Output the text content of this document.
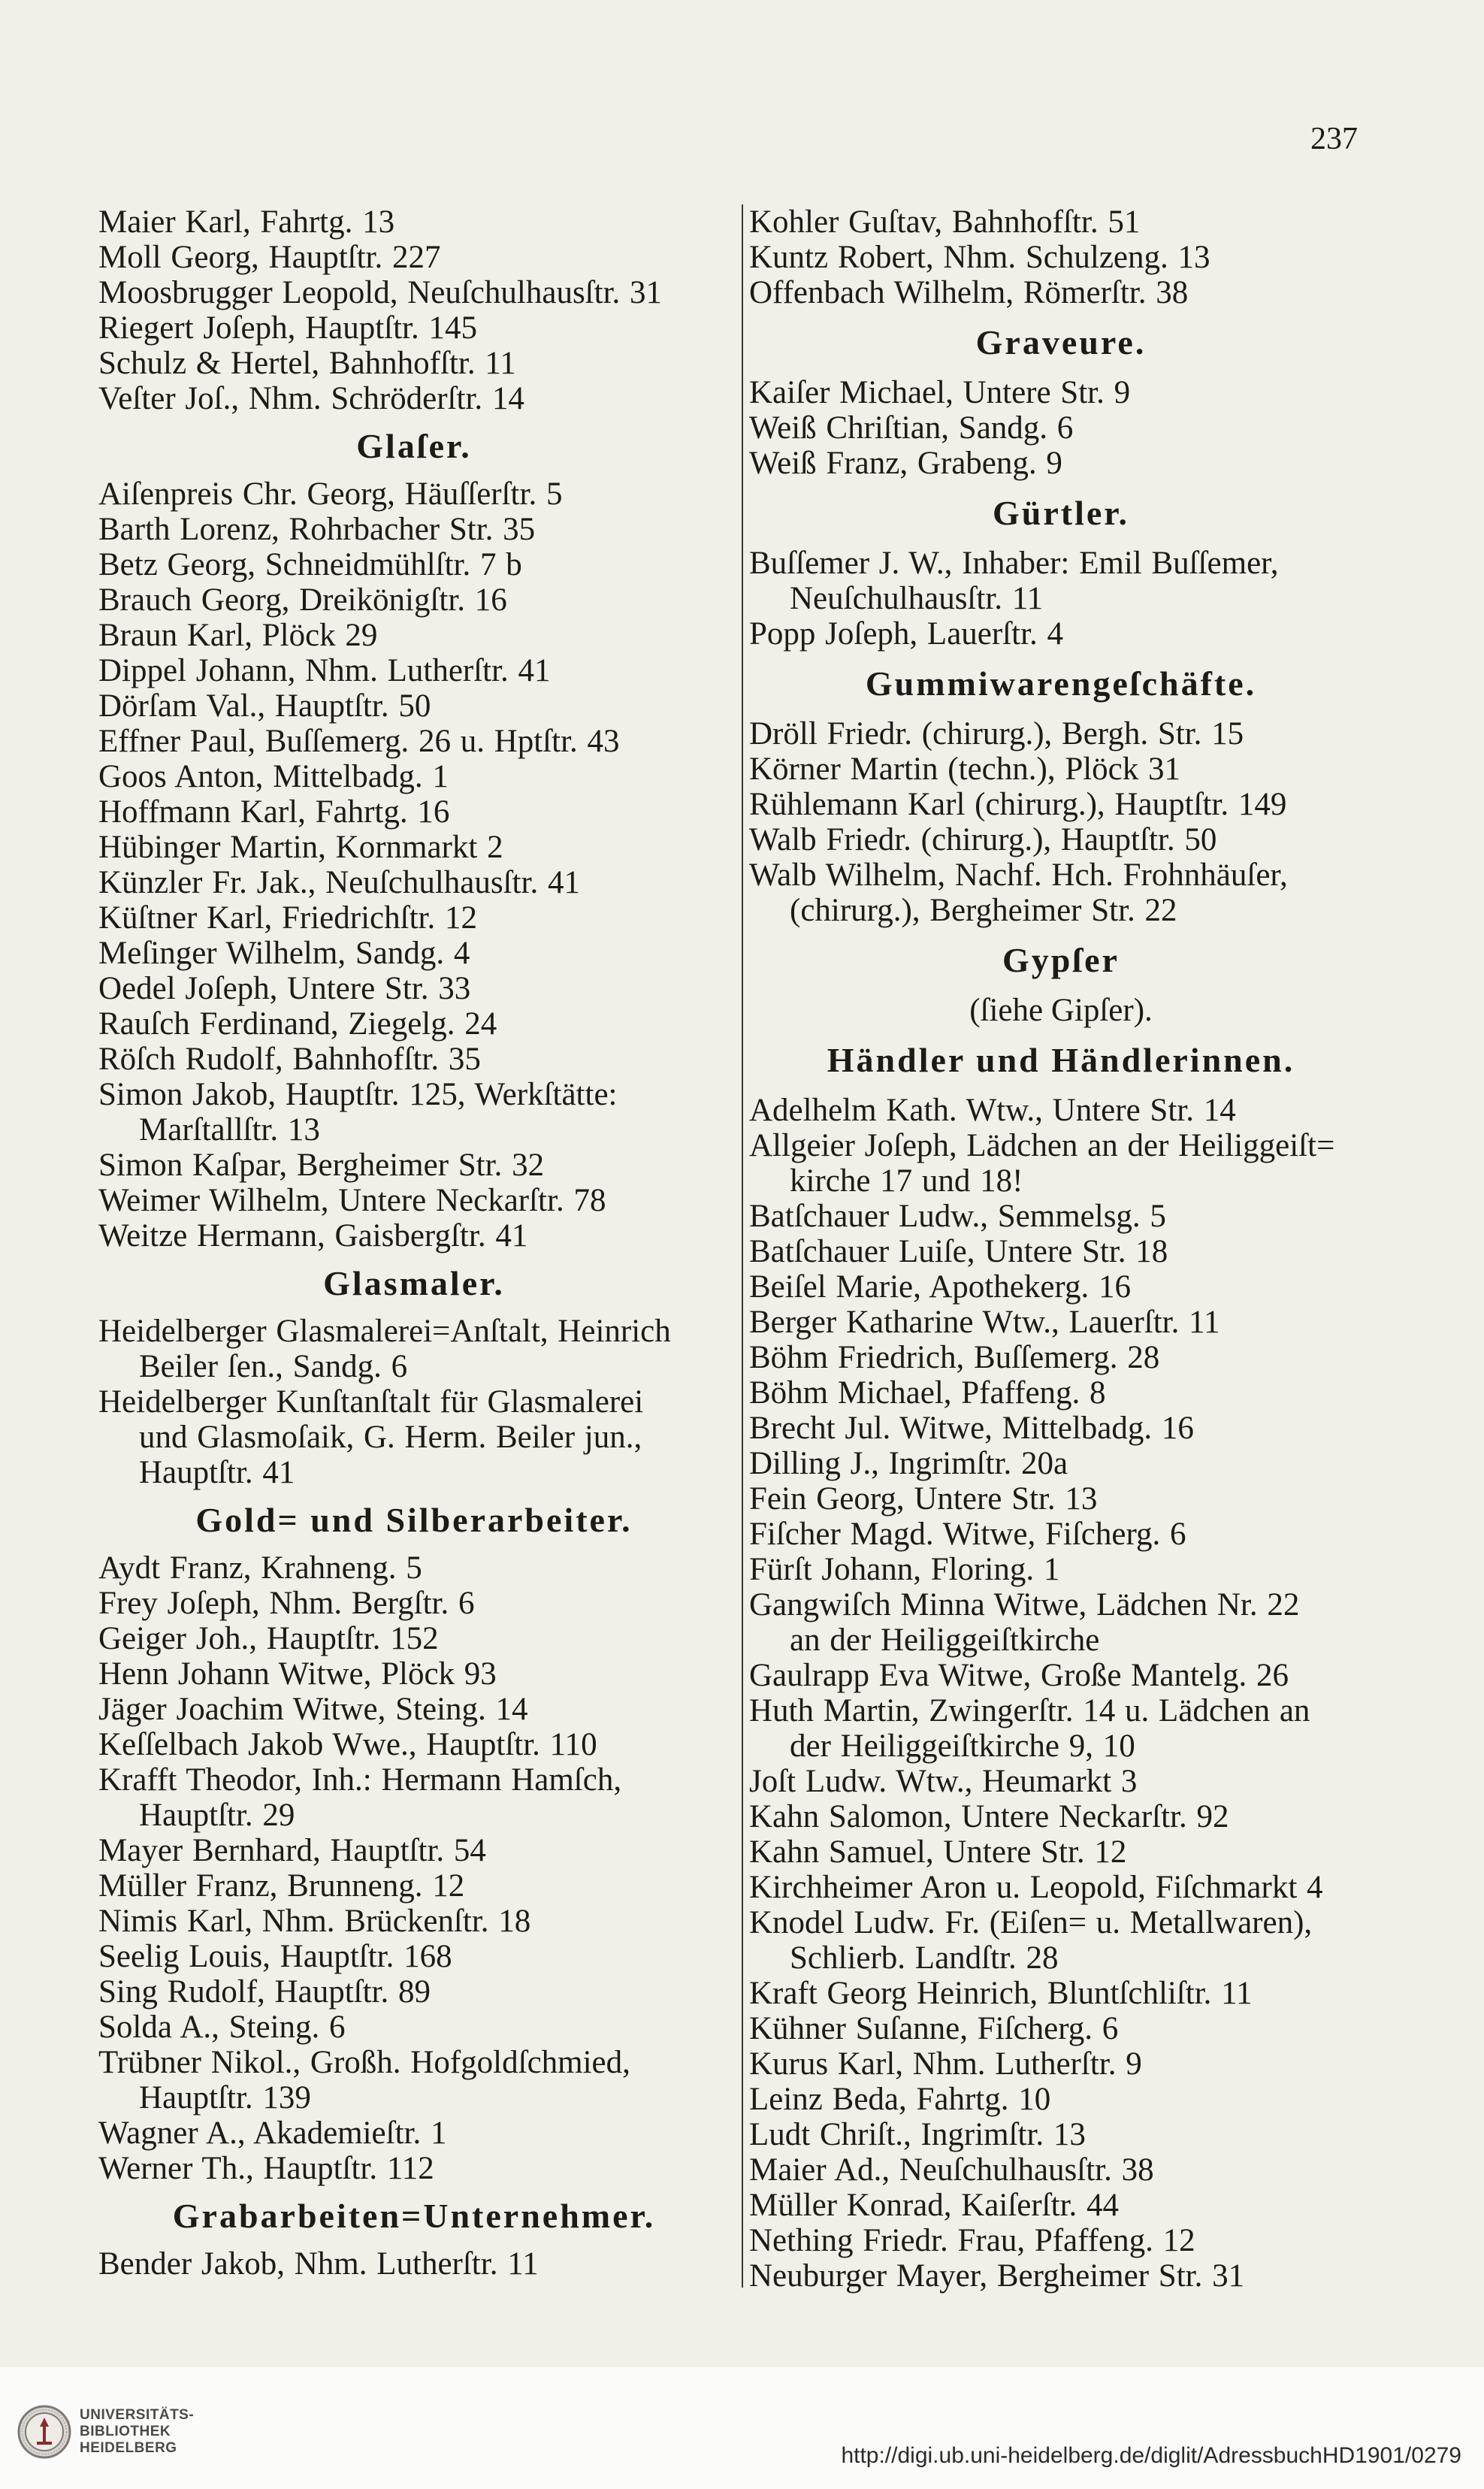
237
Maier Karl, Fahrtg. 13
Moll Georg, Hauptſtr. 227
Moosbrugger Leopold, Neuſchulhausſtr. 31
Riegert Joſeph, Hauptſtr. 145
Schulz & Hertel, Bahnhofſtr. 11
Veſter Joſ., Nhm. Schröderſtr. 14
Glaſer.
Aiſenpreis Chr. Georg, Häuſſerſtr. 5
Barth Lorenz, Rohrbacher Str. 35
Betz Georg, Schneidmühlſtr. 7 b
Brauch Georg, Dreikönigſtr. 16
Braun Karl, Plöck 29
Dippel Johann, Nhm. Lutherſtr. 41
Dörſam Val., Hauptſtr. 50
Effner Paul, Buſſemerg. 26 u. Hptſtr. 43
Goos Anton, Mittelbadg. 1
Hoffmann Karl, Fahrtg. 16
Hübinger Martin, Kornmarkt 2
Künzler Fr. Jak., Neuſchulhausſtr. 41
Küſtner Karl, Friedrichſtr. 12
Meſinger Wilhelm, Sandg. 4
Oedel Joſeph, Untere Str. 33
Rauſch Ferdinand, Ziegelg. 24
Röſch Rudolf, Bahnhofſtr. 35
Simon Jakob, Hauptſtr. 125, Werkſtätte:
Marſtallſtr. 13
Simon Kaſpar, Bergheimer Str. 32
Weimer Wilhelm, Untere Neckarſtr. 78
Weitze Hermann, Gaisbergſtr. 41
Glasmaler.
Heidelberger Glasmalerei=Anſtalt, Heinrich
Beiler ſen., Sandg. 6
Heidelberger Kunſtanſtalt für Glasmalerei
und Glasmoſaik, G. Herm. Beiler jun.,
Hauptſtr. 41
Gold= und Silberarbeiter.
Aydt Franz, Krahneng. 5
Frey Joſeph, Nhm. Bergſtr. 6
Geiger Joh., Hauptſtr. 152
Henn Johann Witwe, Plöck 93
Jäger Joachim Witwe, Steing. 14
Keſſelbach Jakob Wwe., Hauptſtr. 110
Krafft Theodor, Inh.: Hermann Hamſch,
Hauptſtr. 29
Mayer Bernhard, Hauptſtr. 54
Müller Franz, Brunneng. 12
Nimis Karl, Nhm. Brückenſtr. 18
Seelig Louis, Hauptſtr. 168
Sing Rudolf, Hauptſtr. 89
Solda A., Steing. 6
Trübner Nikol., Großh. Hofgoldſchmied,
Hauptſtr. 139
Wagner A., Akademieſtr. 1
Werner Th., Hauptſtr. 112
Grabarbeiten=Unternehmer.
Bender Jakob, Nhm. Lutherſtr. 11
Kohler Guſtav, Bahnhofſtr. 51
Kuntz Robert, Nhm. Schulzeng. 13
Offenbach Wilhelm, Römerſtr. 38
Graveure.
Kaiſer Michael, Untere Str. 9
Weiß Chriſtian, Sandg. 6
Weiß Franz, Grabeng. 9
Gürtler.
Buſſemer J. W., Inhaber: Emil Buſſemer,
Neuſchulhausſtr. 11
Popp Joſeph, Lauerſtr. 4
Gummiwarengeſchäfte.
Dröll Friedr. (chirurg.), Bergh. Str. 15
Körner Martin (techn.), Plöck 31
Rühlemann Karl (chirurg.), Hauptſtr. 149
Walb Friedr. (chirurg.), Hauptſtr. 50
Walb Wilhelm, Nachf. Hch. Frohnhäuſer,
(chirurg.), Bergheimer Str. 22
Gypſer
(ſiehe Gipſer).
Händler und Händlerinnen.
Adelhelm Kath. Wtw., Untere Str. 14
Allgeier Joſeph, Lädchen an der Heiliggeiſt=
kirche 17 und 18!
Batſchauer Ludw., Semmelsg. 5
Batſchauer Luiſe, Untere Str. 18
Beiſel Marie, Apothekerg. 16
Berger Katharine Wtw., Lauerſtr. 11
Böhm Friedrich, Buſſemerg. 28
Böhm Michael, Pfaffeng. 8
Brecht Jul. Witwe, Mittelbadg. 16
Dilling J., Ingrimſtr. 20a
Fein Georg, Untere Str. 13
Fiſcher Magd. Witwe, Fiſcherg. 6
Fürſt Johann, Floring. 1
Gangwiſch Minna Witwe, Lädchen Nr. 22
an der Heiliggeiſtkirche
Gaulrapp Eva Witwe, Große Mantelg. 26
Huth Martin, Zwingerſtr. 14 u. Lädchen an
der Heiliggeiſtkirche 9, 10
Joſt Ludw. Wtw., Heumarkt 3
Kahn Salomon, Untere Neckarſtr. 92
Kahn Samuel, Untere Str. 12
Kirchheimer Aron u. Leopold, Fiſchmarkt 4
Knodel Ludw. Fr. (Eiſen= u. Metallwaren),
Schlierb. Landſtr. 28
Kraft Georg Heinrich, Bluntſchliſtr. 11
Kühner Suſanne, Fiſcherg. 6
Kurus Karl, Nhm. Lutherſtr. 9
Leinz Beda, Fahrtg. 10
Ludt Chriſt., Ingrimſtr. 13
Maier Ad., Neuſchulhausſtr. 38
Müller Konrad, Kaiſerſtr. 44
Nething Friedr. Frau, Pfaffeng. 12
Neuburger Mayer, Bergheimer Str. 31
UNIVERSITÄTS-
BIBLIOTHEK
HEIDELBERG	http://digi.ub.uni-heidelberg.de/diglit/AdressbuchHD1901/0279
